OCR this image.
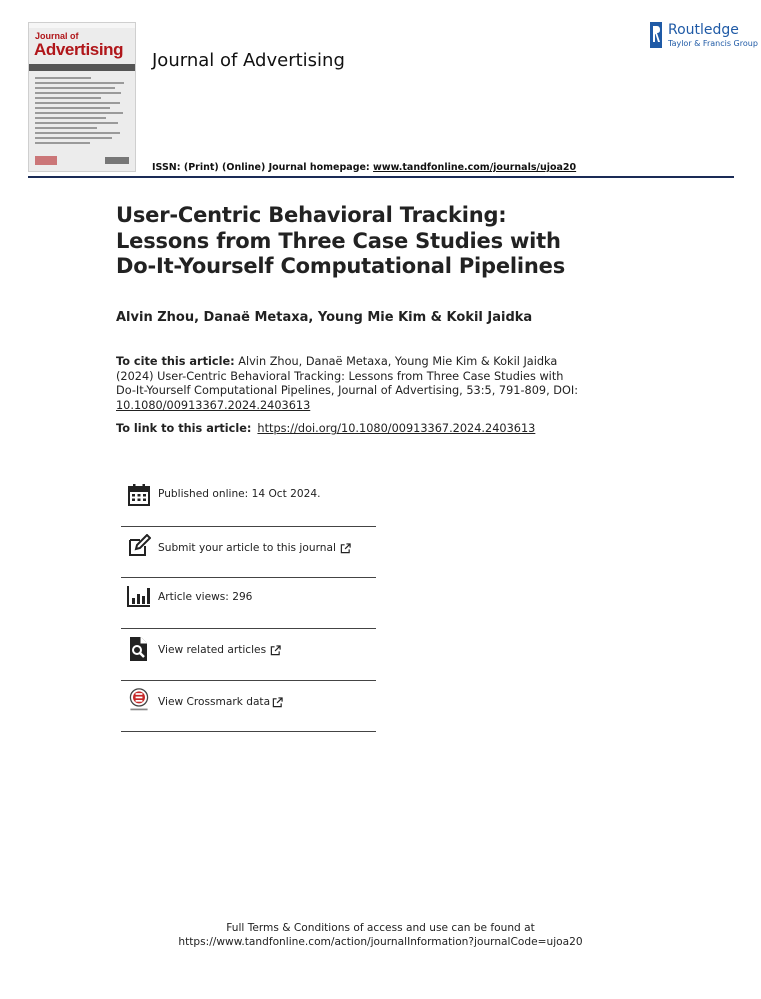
Journal of
Advertising
Journal of Advertising
Routledge
Taylor & Francis Group
ISSN: (Print) (Online) Journal homepage: www.tandfonline.com/journals/ujoa20
User-Centric Behavioral Tracking: Lessons from Three Case Studies with Do-It-Yourself Computational Pipelines
Alvin Zhou, Danaë Metaxa, Young Mie Kim & Kokil Jaidka
To cite this article: Alvin Zhou, Danaë Metaxa, Young Mie Kim & Kokil Jaidka (2024) User-Centric Behavioral Tracking: Lessons from Three Case Studies with Do-It-Yourself Computational Pipelines, Journal of Advertising, 53:5, 791-809, DOI: 10.1080/00913367.2024.2403613
To link to this article: https://doi.org/10.1080/00913367.2024.2403613
Published online: 14 Oct 2024.
Submit your article to this journal
Article views: 296
View related articles
View Crossmark data
Full Terms & Conditions of access and use can be found at
https://www.tandfonline.com/action/journalInformation?journalCode=ujoa20
